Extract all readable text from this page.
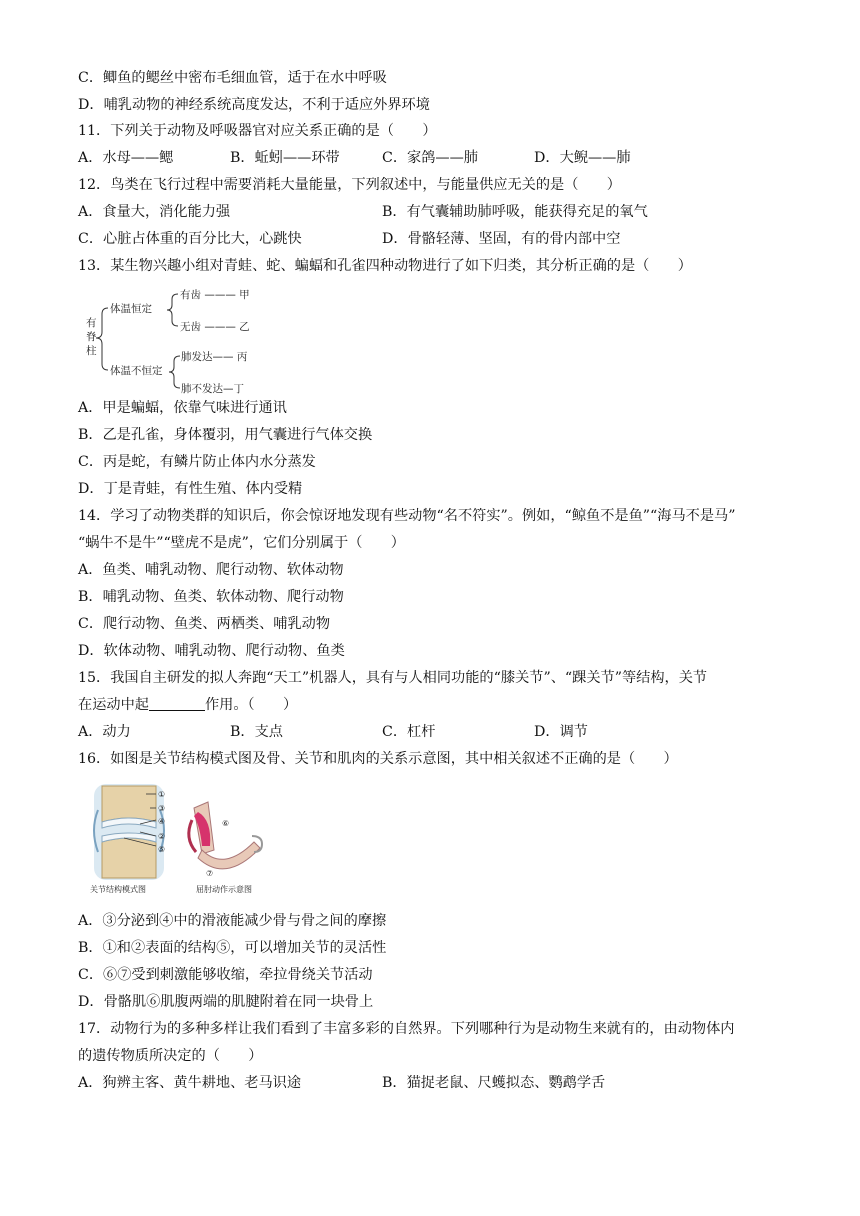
C．鲫鱼的鳃丝中密布毛细血管，适于在水中呼吸
D．哺乳动物的神经系统高度发达，不利于适应外界环境
11．下列关于动物及呼吸器官对应关系正确的是（　　）
A．水母——鳃	B．蚯蚓——环带	C．家鸽——肺	D．大鲵——肺
12．鸟类在飞行过程中需要消耗大量能量，下列叙述中，与能量供应无关的是（　　）
A．食量大，消化能力强	B．有气囊辅助肺呼吸，能获得充足的氧气
C．心脏占体重的百分比大，心跳快	D．骨骼轻薄、坚固，有的骨内部中空
13．某生物兴趣小组对青蛙、蛇、蝙蝠和孔雀四种动物进行了如下归类，其分析正确的是（　　）
有
脊
柱
体温恒定
体温不恒定
有齿 ——— 甲
无齿 ——— 乙
肺发达—— 丙
肺不发达—丁
A．甲是蝙蝠，依靠气味进行通讯
B．乙是孔雀，身体覆羽，用气囊进行气体交换
C．丙是蛇，有鳞片防止体内水分蒸发
D．丁是青蛙，有性生殖、体内受精
14．学习了动物类群的知识后，你会惊讶地发现有些动物“名不符实”。例如，“鲸鱼不是鱼”“海马不是马”
“蜗牛不是牛”“壁虎不是虎”，它们分别属于（　　）
A．鱼类、哺乳动物、爬行动物、软体动物
B．哺乳动物、鱼类、软体动物、爬行动物
C．爬行动物、鱼类、两栖类、哺乳动物
D．软体动物、哺乳动物、爬行动物、鱼类
15．我国自主研发的拟人奔跑“天工”机器人，具有与人相同功能的“膝关节”、“踝关节”等结构，关节
在运动中起	作用。（　　）
A．动力	B．支点	C．杠杆	D．调节
16．如图是关节结构模式图及骨、关节和肌肉的关系示意图，其中相关叙述不正确的是（　　）
①
③
④
②
⑤
⑥
⑦
关节结构模式图	屈肘动作示意图
A．③分泌到④中的滑液能减少骨与骨之间的摩擦
B．①和②表面的结构⑤，可以增加关节的灵活性
C．⑥⑦受到刺激能够收缩，牵拉骨绕关节活动
D．骨骼肌⑥肌腹两端的肌腱附着在同一块骨上
17．动物行为的多种多样让我们看到了丰富多彩的自然界。下列哪种行为是动物生来就有的，由动物体内
的遗传物质所决定的（　　）
A．狗辨主客、黄牛耕地、老马识途	B．猫捉老鼠、尺蠖拟态、鹦鹉学舌
